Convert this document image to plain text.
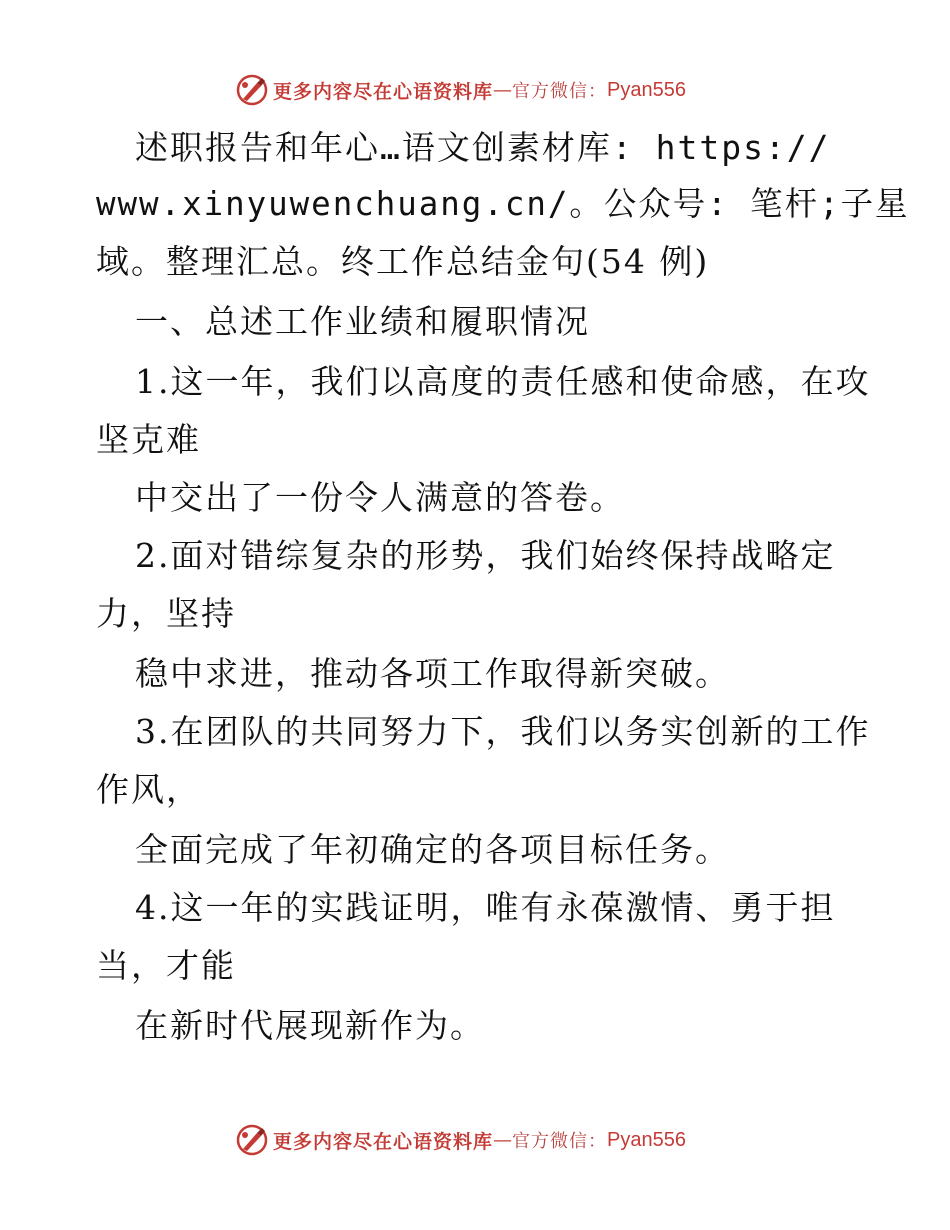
更多内容尽在心语资料库 — 官方微信： Pyan556
述职报告和年心…语文创素材库: https://
www.xinyuwenchuang.cn/。公众号: 笔杆;子星
域。整理汇总。终工作总结金句(54 例)
一、总述工作业绩和履职情况
1.这一年，我们以高度的责任感和使命感，在攻
坚克难
中交出了一份令人满意的答卷。
2.面对错综复杂的形势，我们始终保持战略定
力，坚持
稳中求进，推动各项工作取得新突破。
3.在团队的共同努力下，我们以务实创新的工作
作风，
全面完成了年初确定的各项目标任务。
4.这一年的实践证明，唯有永葆激情、勇于担
当，才能
在新时代展现新作为。
更多内容尽在心语资料库 — 官方微信： Pyan556
